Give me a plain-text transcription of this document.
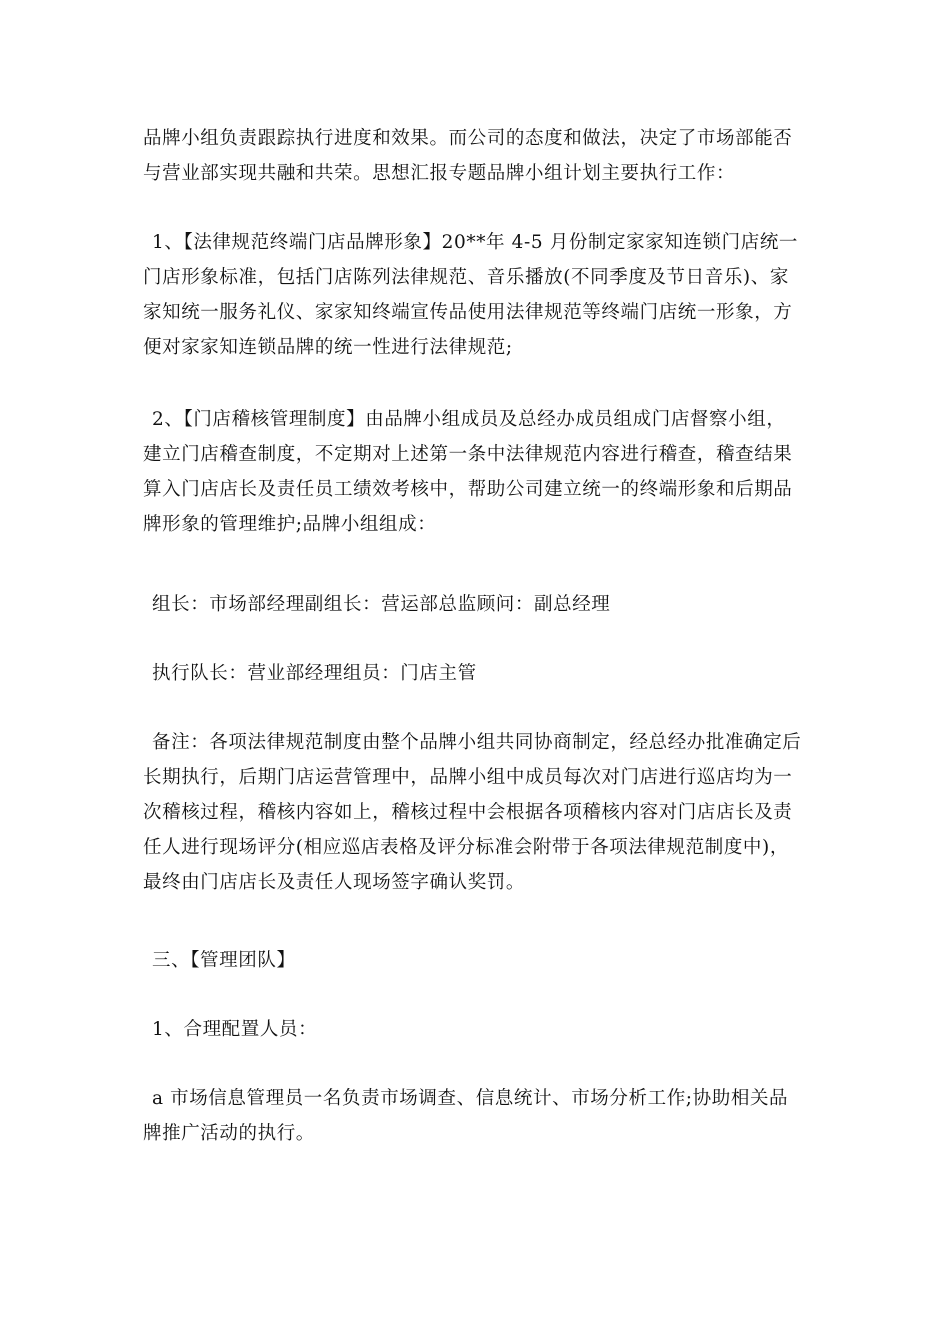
品牌小组负责跟踪执行进度和效果。而公司的态度和做法，决定了市场部能否
与营业部实现共融和共荣。思想汇报专题品牌小组计划主要执行工作：
1、【法律规范终端门店品牌形象】20**年 4-5 月份制定家家知连锁门店统一
门店形象标准，包括门店陈列法律规范、音乐播放(不同季度及节日音乐)、家
家知统一服务礼仪、家家知终端宣传品使用法律规范等终端门店统一形象，方
便对家家知连锁品牌的统一性进行法律规范;
2、【门店稽核管理制度】由品牌小组成员及总经办成员组成门店督察小组，
建立门店稽查制度，不定期对上述第一条中法律规范内容进行稽查，稽查结果
算入门店店长及责任员工绩效考核中，帮助公司建立统一的终端形象和后期品
牌形象的管理维护;品牌小组组成：
组长：市场部经理副组长：营运部总监顾问：副总经理
执行队长：营业部经理组员：门店主管
备注：各项法律规范制度由整个品牌小组共同协商制定，经总经办批准确定后
长期执行，后期门店运营管理中，品牌小组中成员每次对门店进行巡店均为一
次稽核过程，稽核内容如上，稽核过程中会根据各项稽核内容对门店店长及责
任人进行现场评分(相应巡店表格及评分标准会附带于各项法律规范制度中)，
最终由门店店长及责任人现场签字确认奖罚。
三、【管理团队】
1、合理配置人员：
a 市场信息管理员一名负责市场调查、信息统计、市场分析工作;协助相关品
牌推广活动的执行。
